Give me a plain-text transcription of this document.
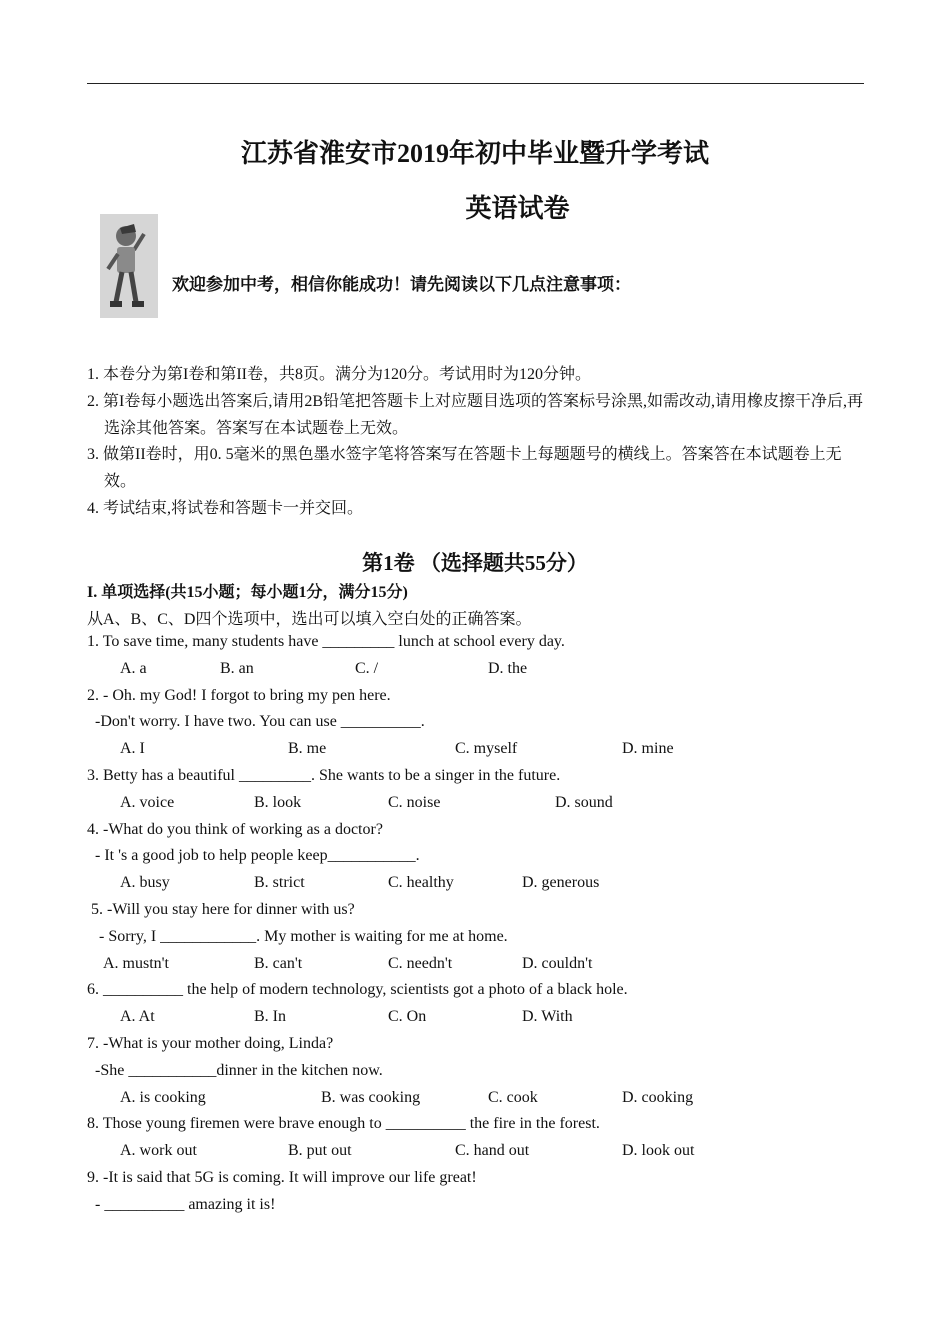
江苏省淮安市2019年初中毕业暨升学考试
英语试卷
欢迎参加中考，相信你能成功！请先阅读以下几点注意事项：
1. 本卷分为第I卷和第II卷，共8页。满分为120分。考试用时为120分钟。
2. 第I卷每小题选出答案后,请用2B铅笔把答题卡上对应题目选项的答案标号涂黑,如需改动,请用橡皮擦干净后,再选涂其他答案。答案写在本试题卷上无效。
3. 做第II卷时，用0. 5毫米的黑色墨水签字笔将答案写在答题卡上每题题号的横线上。答案答在本试题卷上无效。
4. 考试结束,将试卷和答题卡一并交回。
第1卷 （选择题共55分）
I. 单项选择(共15小题；每小题1分，满分15分)
从A、B、C、D四个选项中，选出可以填入空白处的正确答案。
1. To save time, many students have _________ lunch at school every day.
A. a	B. an	C. /	D. the
2. - Oh. my God! I forgot to bring my pen here.
-Don't worry. I have two. You can use __________.
A. I	B. me	C. myself	D. mine
3. Betty has a beautiful _________. She wants to be a singer in the future.
A. voice	B. look	C. noise	D. sound
4. -What do you think of working as a doctor?
- It 's a good job to help people keep___________.
A. busy	B. strict	C. healthy	D. generous
5. -Will you stay here for dinner with us?
- Sorry, I ____________. My mother is waiting for me at home.
A. mustn't	B. can't	C. needn't	D. couldn't
6. __________ the help of modern technology, scientists got a photo of a black hole.
A. At	B. In	C. On	D. With
7. -What is your mother doing, Linda?
-She ___________dinner in the kitchen now.
A. is cooking	B. was cooking	C. cook	D. cooking
8. Those young firemen were brave enough to __________ the fire in the forest.
A. work out	B. put out	C. hand out	D. look out
9. -It is said that 5G is coming. It will improve our life great!
- __________ amazing it is!
